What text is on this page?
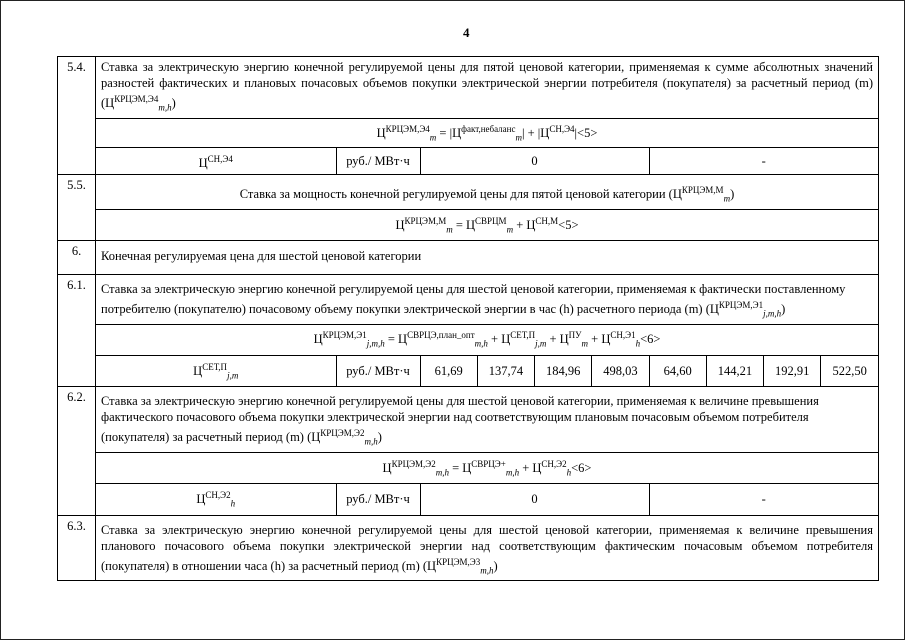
4
5.4.	Ставка за электрическую энергию конечной регулируемой цены для пятой ценовой категории, применяемая к сумме абсолютных значений разностей фактических и плановых почасовых объемов покупки электрической энергии потребителя (покупателя) за расчетный период (m) $(Ц^{КРЦЭМ,Э4}_{m,h})$
$Ц^{КРЦЭМ,Э4}_m = |Ц^{факт,небаланс}_m| + |Ц^{СН,Э4}|<5>$

$Ц^{СН,Э4}$	руб./ МВт·ч	0	-

5.5.	Ставка за мощность конечной регулируемой цены для пятой ценовой категории $(Ц^{КРЦЭМ,М}_m)$
$Ц^{КРЦЭМ,М}_m = Ц^{СВРЦМ}_m + Ц^{СН,М}<5>$
6.	Конечная регулируемая цена для шестой ценовой категории
6.1.	Ставка за электрическую энергию конечной регулируемой цены для шестой ценовой категории, применяемая к фактически поставленному потребителю (покупателю) почасовому объему покупки электрической энергии в час (h) расчетного периода (m) $(Ц^{КРЦЭМ,Э1}_{j,m,h})$
$Ц^{КРЦЭМ,Э1}_{j,m,h} = Ц^{СВРЦЭ,план\_опт}_{m,h} + Ц^{СЕТ,П}_{j,m} + Ц^{ПУ}_m + Ц^{СН,Э1}_h<6>$

$Ц^{СЕТ,П}_{j,m}$	руб./ МВт·ч	61,69	137,74	184,96	498,03	64,60	144,21	192,91	522,50

6.2.	Ставка за электрическую энергию конечной регулируемой цены для шестой ценовой категории, применяемая к величине превышения фактического почасового объема покупки электрической энергии над соответствующим плановым почасовым объемом потребителя (покупателя) за расчетный период (m) $(Ц^{КРЦЭМ,Э2}_{m,h})$
$Ц^{КРЦЭМ,Э2}_{m,h} = Ц^{СВРЦЭ+}_{m,h} + Ц^{СН,Э2}_h<6>$

$Ц^{СН,Э2}_h$	руб./ МВт·ч	0	-

6.3.	Ставка за электрическую энергию конечной регулируемой цены для шестой ценовой категории, применяемая к величине превышения планового почасового объема покупки электрической энергии над соответствующим фактическим почасовым объемом потребителя (покупателя) в отношении часа (h) за расчетный период (m) $(Ц^{КРЦЭМ,Э3}_{m,h})$
